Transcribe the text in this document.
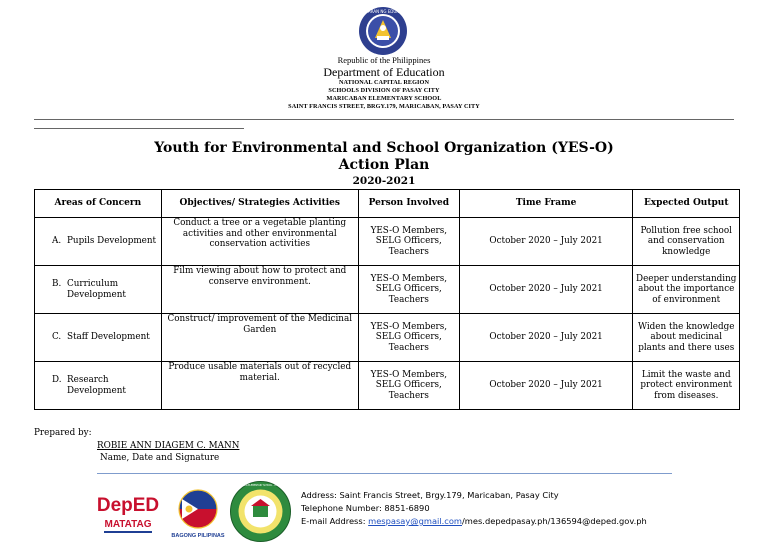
KAGAWARAN NG EDUKASYON
Republic of the Philippines
Department of Education
NATIONAL CAPITAL REGION
SCHOOLS DIVISION OF PASAY CITY
MARICABAN ELEMENTARY SCHOOL
SAINT FRANCIS STREET, BRGY.179, MARICABAN, PASAY CITY
Youth for Environmental and School Organization (YES-O)
Action Plan
2020-2021
Areas of Concern	Objectives/ Strategies Activities	Person Involved	Time Frame	Expected Output

A. Pupils Development	Conduct a tree or a vegetable planting activities and other environmental conservation activities	YES-O Members, SELG Officers, Teachers	October 2020 – July 2021	Pollution free school and conservation knowledge

B. Curriculum Development	Film viewing about how to protect and conserve environment.	YES-O Members, SELG Officers, Teachers	October 2020 – July 2021	Deeper understanding about the importance of environment

C. Staff Development	Construct/ improvement of the Medicinal Garden	YES-O Members, SELG Officers, Teachers	October 2020 – July 2021	Widen the knowledge about medicinal plants and there uses

D. Research Development	Produce usable materials out of recycled material.	YES-O Members, SELG Officers, Teachers	October 2020 – July 2021	Limit the waste and protect environment from diseases.
Prepared by:
ROBIE ANN DIAGEM C. MANN
Name, Date and Signature
DepED
MATATAG
BAGONG PILIPINAS
MARICABAN ELEMENTARY SCHOOL · PASAY CITY
Address: Saint Francis Street, Brgy.179, Maricaban, Pasay City
Telephone Number: 8851-6890
E-mail Address: mespasay@gmail.com/mes.depedpasay.ph/136594@deped.gov.ph
